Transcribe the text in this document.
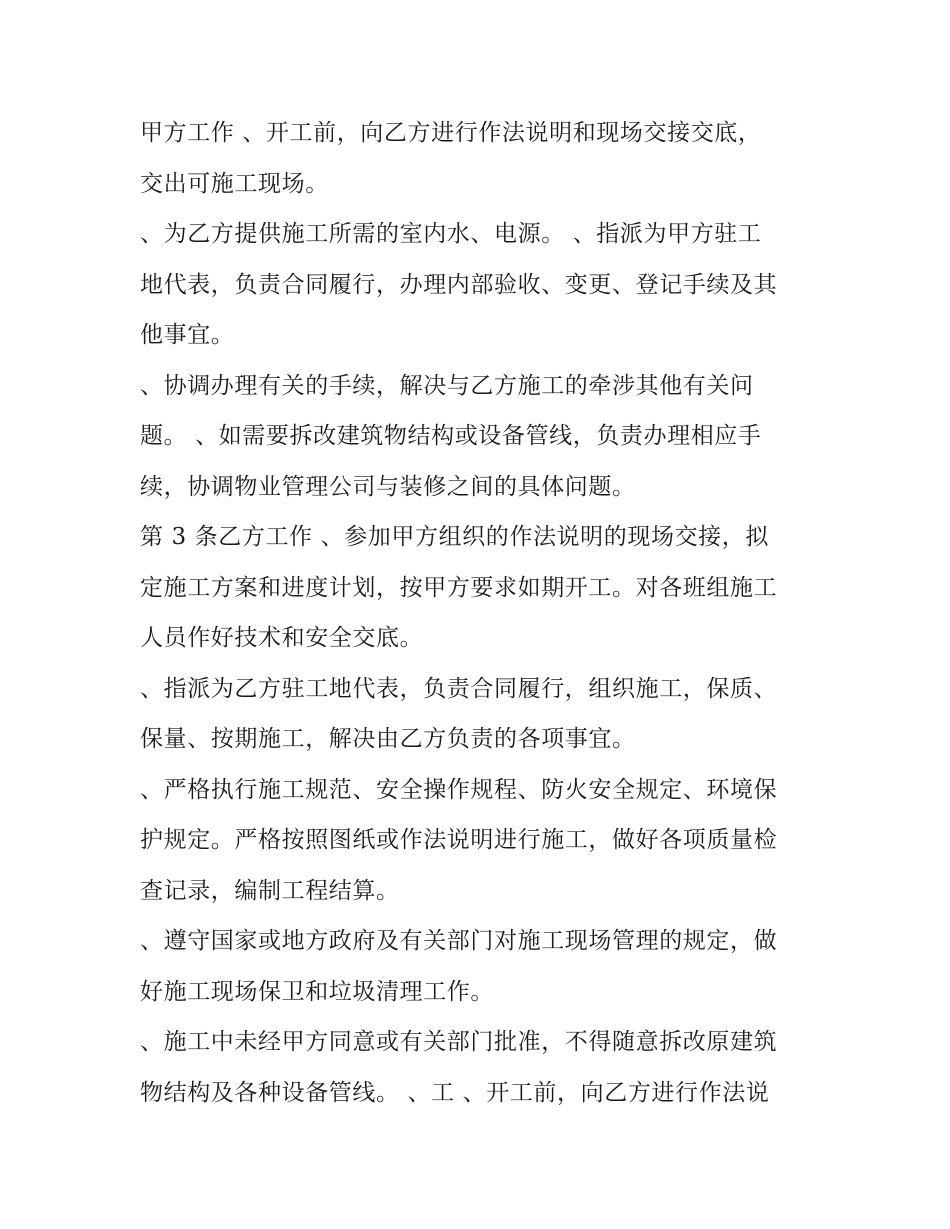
甲方工作 、开工前，向乙方进行作法说明和现场交接交底，
交出可施工现场。
、为乙方提供施工所需的室内水、电源。 、指派为甲方驻工
地代表，负责合同履行，办理内部验收、变更、登记手续及其
他事宜。
、协调办理有关的手续，解决与乙方施工的牵涉其他有关问
题。 、如需要拆改建筑物结构或设备管线，负责办理相应手
续，协调物业管理公司与装修之间的具体问题。
第 3 条乙方工作 、参加甲方组织的作法说明的现场交接，拟
定施工方案和进度计划，按甲方要求如期开工。对各班组施工
人员作好技术和安全交底。
、指派为乙方驻工地代表，负责合同履行，组织施工，保质、
保量、按期施工，解决由乙方负责的各项事宜。
、严格执行施工规范、安全操作规程、防火安全规定、环境保
护规定。严格按照图纸或作法说明进行施工，做好各项质量检
查记录，编制工程结算。
、遵守国家或地方政府及有关部门对施工现场管理的规定，做
好施工现场保卫和垃圾清理工作。
、施工中未经甲方同意或有关部门批准，不得随意拆改原建筑
物结构及各种设备管线。 、工 、开工前，向乙方进行作法说
